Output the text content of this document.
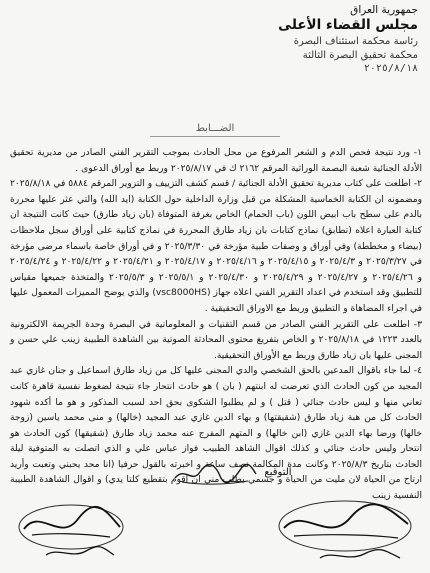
جمهورية العراق
مجلس القضاء الأعلى
رئاسة محكمة استئناف البصرة
محكمة تحقيق البصرة الثالثة
٢٠٢٥/٨/١٨
الضـــابط

١- ورد نتيجة فحص الدم و الشعر المرفوع من محل الحادث بموجب التقرير الفني الصادر من مديرية تحقيق الأدلة الجنائية شعبة البصمة الوراثية المرقم ٢١٦٢ ك في ٢٠٢٥/٨/١٧ وربط مع أوراق الدعوى .

٢- اطلعت على كتاب مديرية تحقيق الأدلة الجنائية / قسم كشف التزييف و التزوير المرقم ٥٨٨٤ في ٢٠٢٥/٨/١٨ ومضمونه ان الكتابة الخماسية المشكلة من قبل وزارة الداخلية حول الكتابة (ايد الله) والتي عثر عليها محررة بالدم على سطح باب ابيض اللون (باب الحمام) الخاص بغرفة المتوفاة (بان زياد طارق) حيث كانت النتيجة ان كتابة العبارة اعلاه (تطابق) نماذج كتابات بان زياد طارق المحررة في نماذج كتابية على أوراق سجل ملاحظات (بيضاء و مخططة) وفي أوراق و وصفات طبية مؤرخة في ٢٠٢٥/٣/٣٠ و في أوراق خاصة باسماء مرضى مؤرخة في ٢٠٢٥/٣/٢٧ و ٢٠٢٥/٤/٣ و ٢٠٢٥/٤/١٥ و ٢٠٢٥/٤/١٦ و ٢٠٢٥/٤/١٧ و ٢٠٢٥/٤/٢١ و ٢٠٢٥/٤/٢٢ و ٢٠٢٥/٤/٢٤ و ٢٠٢٥/٤/٢٦ و ٢٠٢٥/٤/٢٧ و ٢٠٢٥/٤/٢٩ و ٢٠٢٥/٤/٣٠ و ٢٠٢٥/٥/١ و ٢٠٢٥/٥/٣ والمتخذة جميعها مقياس للتطبيق وقد استخدم في اعداد التقرير الفني اعلاه جهاز (vsc8000HS) والذي يوضح المميزات المعمول عليها في اجراء المضاهاة و التطبيق وربط مع الاوراق التحقيقية .

٣- اطلعت على التقرير الفني الصادر من قسم التقنيات و المعلوماتية في البصرة وحدة الجريمة الالكترونية بالعدد ١٢٢٣ في ٢٠٢٥/٨/١٨ و الخاص بتفريغ محتوى المحادثة الصوتية بين الشاهدة الطبيبة زينب علي حسن و المجنى عليها بان زياد طارق وربط مع الأوراق التحقيقية.

٤- لما جاء باقوال المدعين بالحق الشخصي والدي المجنى عليها كل من زياد طارق اسماعيل و جنان غازي عبد المجيد من كون الحادث الذي تعرضت له ابنتهم ( بان ) هو حادث انتحار جاء نتيجة لضغوط نفسية قاهرة كانت تعاني منها و ليس حادث جنائي ( قتل ) و لم يطلبوا الشكوى بحق احد لسبب المذكور و هو ما أكده شهود الحادث كل من هبة زياد طارق (شقيقتها) و بهاء الدين غازي عبد المجيد (خالها) و منى محمد ياسين (زوجة خالها) ورضا بهاء الدين غازي (ابن خالها) و المتهم المفرج عنه محمد زياد طارق (شقيقها) كون الحادث هو انتحار وليس حادث جنائي و كذلك اقوال الشاهد الطبيب فواز عباس علي و الذي اتصلت به المتوفية ليلة الحادث بتاريخ ٢٠٢٥/٨/٣ وكانت مدة المكالمة نصف ساعة و اخبرته بالقول حرفيا (انا محد يحبني وتعبت وأريد ارتاح من الحياة لان مليت من الحياة و جسمي يطلب مني ان اقوم بتقطيع كلتا يدي) و اقوال الشاهدة الطبيبة النفسية زينب

التوقيع
